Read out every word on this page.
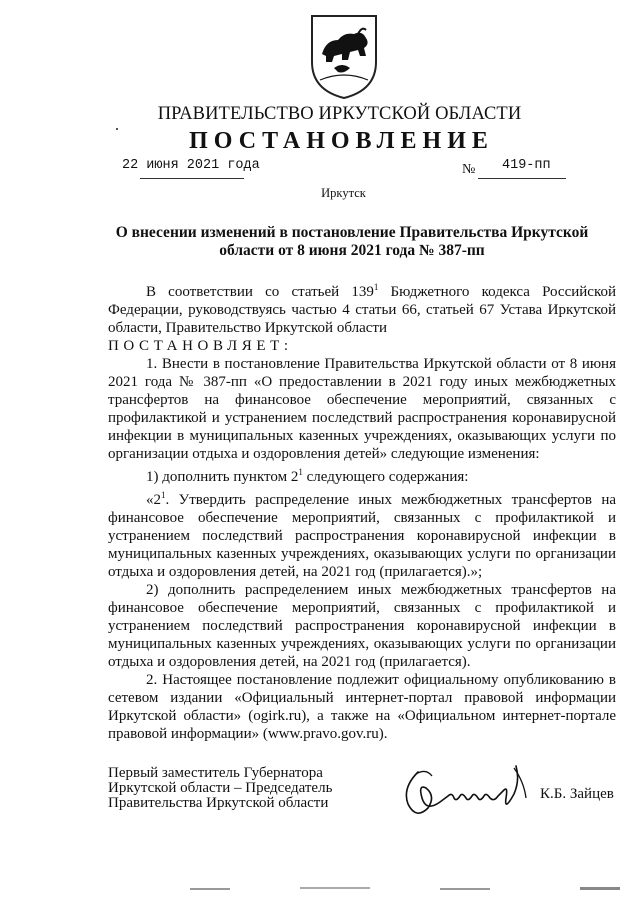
ПРАВИТЕЛЬСТВО ИРКУТСКОЙ ОБЛАСТИ
ПОСТАНОВЛЕНИЕ
22 июня 2021 года	№ 419-пп
Иркутск
О внесении изменений в постановление Правительства Иркутской области от 8 июня 2021 года № 387-пп

В соответствии со статьей $139^1$ Бюджетного кодекса Российской Федерации, руководствуясь частью 4 статьи 66, статьей 67 Устава Иркутской области, Правительство Иркутской области

ПОСТАНОВЛЯЕТ:

1. Внести в постановление Правительства Иркутской области от 8 июня 2021 года № 387-пп «О предоставлении в 2021 году иных межбюджетных трансфертов на финансовое обеспечение мероприятий, связанных с профилактикой и устранением последствий распространения коронавирусной инфекции в муниципальных казенных учреждениях, оказывающих услуги по организации отдыха и оздоровления детей» следующие изменения:

1) дополнить пунктом $2^1$ следующего содержания:

«$2^1$. Утвердить распределение иных межбюджетных трансфертов на финансовое обеспечение мероприятий, связанных с профилактикой и устранением последствий распространения коронавирусной инфекции в муниципальных казенных учреждениях, оказывающих услуги по организации отдыха и оздоровления детей, на 2021 год (прилагается).»;

2) дополнить распределением иных межбюджетных трансфертов на финансовое обеспечение мероприятий, связанных с профилактикой и устранением последствий распространения коронавирусной инфекции в муниципальных казенных учреждениях, оказывающих услуги по организации отдыха и оздоровления детей, на 2021 год (прилагается).

2. Настоящее постановление подлежит официальному опубликованию в сетевом издании «Официальный интернет-портал правовой информации Иркутской области» (ogirk.ru), а также на «Официальном интернет-портале правовой информации» (www.pravo.gov.ru).

Первый заместитель Губернатора
Иркутской области – Председатель
Правительства Иркутской области
К.Б. Зайцев
